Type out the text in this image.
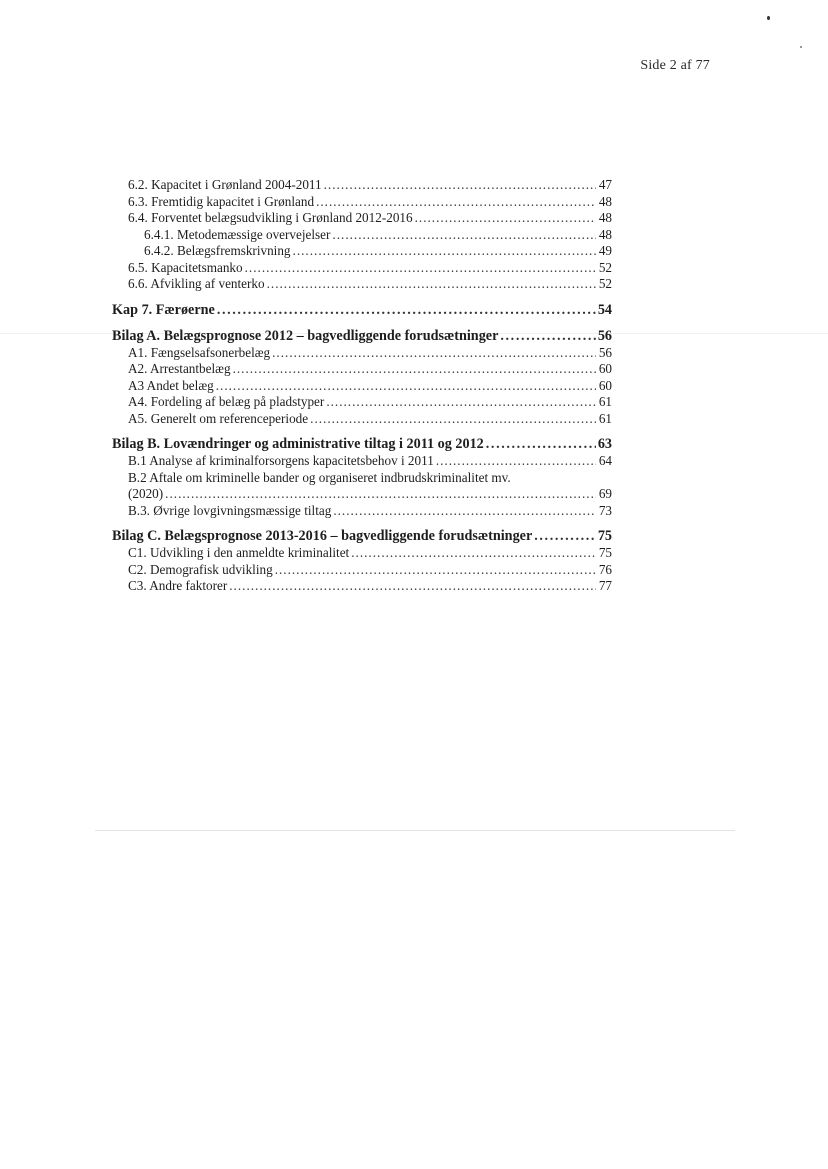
Side 2 af 77
6.2. Kapacitet i Grønland 2004-2011 .....	47
6.3. Fremtidig kapacitet i Grønland .....	48
6.4. Forventet belægsudvikling i Grønland 2012-2016 .....	48
6.4.1. Metodemæssige overvejelser .....	48
6.4.2. Belægsfremskrivning .....	49
6.5. Kapacitetsmanko .....	52
6.6. Afvikling af venterko .....	52
Kap 7. Færøerne .....	54
Bilag A. Belægsprognose 2012 – bagvedliggende forudsætninger .....	56
A1. Fængselsafsonerbelæg .....	56
A2. Arrestantbelæg .....	60
A3 Andet belæg .....	60
A4. Fordeling af belæg på pladstyper .....	61
A5. Generelt om referenceperiode .....	61
Bilag B. Lovændringer og administrative tiltag i 2011 og 2012 .....	63
B.1 Analyse af kriminalforsorgens kapacitetsbehov i 2011 .....	64
B.2 Aftale om kriminelle bander og organiseret indbrudskriminalitet mv.
(2020) .....	69
B.3. Øvrige lovgivningsmæssige tiltag .....	73
Bilag C. Belægsprognose 2013-2016 – bagvedliggende forudsætninger .....	75
C1. Udvikling i den anmeldte kriminalitet .....	75
C2. Demografisk udvikling .....	76
C3. Andre faktorer .....	77
